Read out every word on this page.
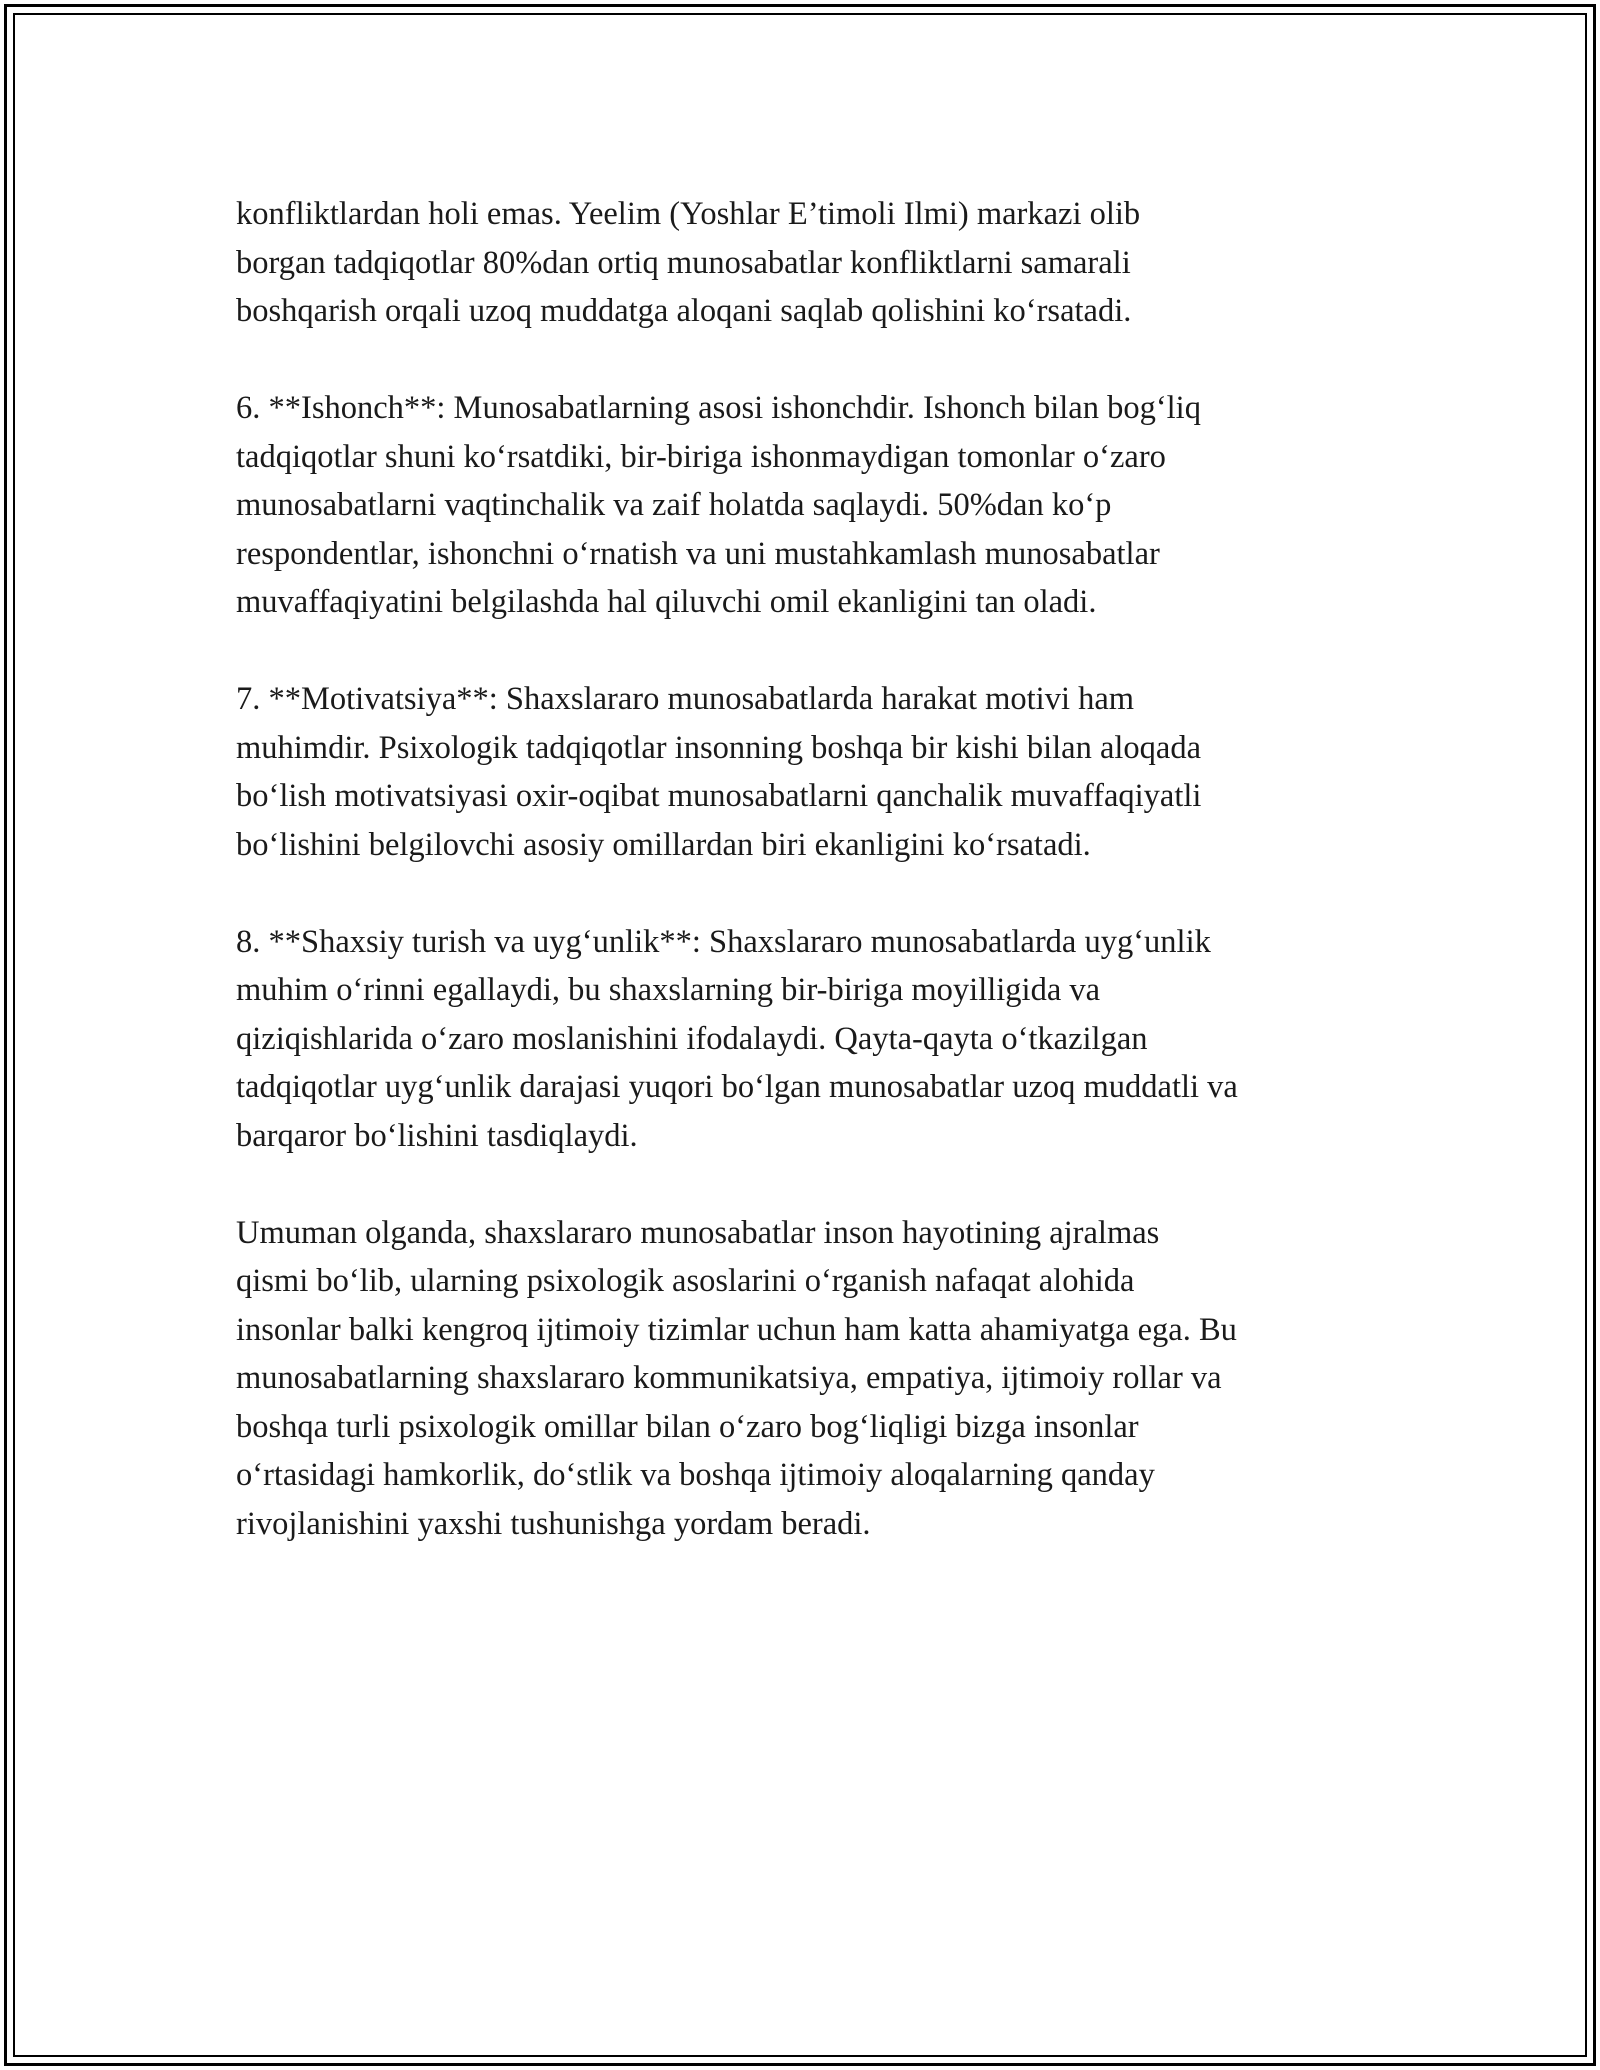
konfliktlardan holi emas. Yeelim (Yoshlar E’timoli Ilmi) markazi olib
borgan tadqiqotlar 80%dan ortiq munosabatlar konfliktlarni samarali
boshqarish orqali uzoq muddatga aloqani saqlab qolishini ko‘rsatadi.

6. **Ishonch**: Munosabatlarning asosi ishonchdir. Ishonch bilan bog‘liq
tadqiqotlar shuni ko‘rsatdiki, bir-biriga ishonmaydigan tomonlar o‘zaro
munosabatlarni vaqtinchalik va zaif holatda saqlaydi. 50%dan ko‘p
respondentlar, ishonchni o‘rnatish va uni mustahkamlash munosabatlar
muvaffaqiyatini belgilashda hal qiluvchi omil ekanligini tan oladi.

7. **Motivatsiya**: Shaxslararo munosabatlarda harakat motivi ham
muhimdir. Psixologik tadqiqotlar insonning boshqa bir kishi bilan aloqada
bo‘lish motivatsiyasi oxir-oqibat munosabatlarni qanchalik muvaffaqiyatli
bo‘lishini belgilovchi asosiy omillardan biri ekanligini ko‘rsatadi.

8. **Shaxsiy turish va uyg‘unlik**: Shaxslararo munosabatlarda uyg‘unlik
muhim o‘rinni egallaydi, bu shaxslarning bir-biriga moyilligida va
qiziqishlarida o‘zaro moslanishini ifodalaydi. Qayta-qayta o‘tkazilgan
tadqiqotlar uyg‘unlik darajasi yuqori bo‘lgan munosabatlar uzoq muddatli va
barqaror bo‘lishini tasdiqlaydi.

Umuman olganda, shaxslararo munosabatlar inson hayotining ajralmas
qismi bo‘lib, ularning psixologik asoslarini o‘rganish nafaqat alohida
insonlar balki kengroq ijtimoiy tizimlar uchun ham katta ahamiyatga ega. Bu
munosabatlarning shaxslararo kommunikatsiya, empatiya, ijtimoiy rollar va
boshqa turli psixologik omillar bilan o‘zaro bog‘liqligi bizga insonlar
o‘rtasidagi hamkorlik, do‘stlik va boshqa ijtimoiy aloqalarning qanday
rivojlanishini yaxshi tushunishga yordam beradi.
